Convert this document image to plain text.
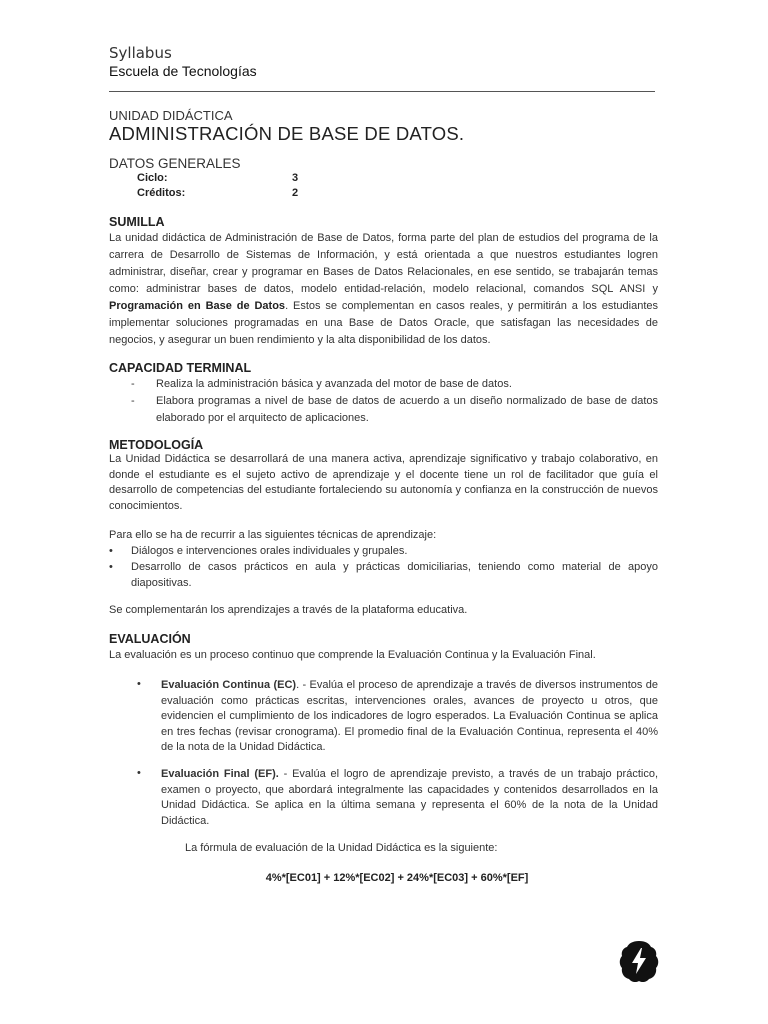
Syllabus
Escuela de Tecnologías
UNIDAD DIDÁCTICA
ADMINISTRACIÓN DE BASE DE DATOS.
DATOS GENERALES
Ciclo:	3
Créditos:	2
SUMILLA

La unidad didáctica de Administración de Base de Datos, forma parte del plan de estudios del programa de la carrera de Desarrollo de Sistemas de Información, y está orientada a que nuestros estudiantes logren administrar, diseñar, crear y programar en Bases de Datos Relacionales, en ese sentido, se trabajarán temas como: administrar bases de datos, modelo entidad-relación, modelo relacional, comandos SQL ANSI y Programación en Base de Datos. Estos se complementan en casos reales, y permitirán a los estudiantes implementar soluciones programadas en una Base de Datos Oracle, que satisfagan las necesidades de negocios, y asegurar un buen rendimiento y la alta disponibilidad de los datos.

CAPACIDAD TERMINAL
- Realiza la administración básica y avanzada del motor de base de datos.
- Elabora programas a nivel de base de datos de acuerdo a un diseño normalizado de base de datos elaborado por el arquitecto de aplicaciones.
METODOLOGÍA

La Unidad Didáctica se desarrollará de una manera activa, aprendizaje significativo y trabajo colaborativo, en donde el estudiante es el sujeto activo de aprendizaje y el docente tiene un rol de facilitador que guía el desarrollo de competencias del estudiante fortaleciendo su autonomía y confianza en la construcción de nuevos conocimientos.

Para ello se ha de recurrir a las siguientes técnicas de aprendizaje:

• Diálogos e intervenciones orales individuales y grupales.
• Desarrollo de casos prácticos en aula y prácticas domiciliarias, teniendo como material de apoyo diapositivas.

Se complementarán los aprendizajes a través de la plataforma educativa.

EVALUACIÓN

La evaluación es un proceso continuo que comprende la Evaluación Continua y la Evaluación Final.

• Evaluación Continua (EC). - Evalúa el proceso de aprendizaje a través de diversos instrumentos de evaluación como prácticas escritas, intervenciones orales, avances de proyecto u otros, que evidencien el cumplimiento de los indicadores de logro esperados. La Evaluación Continua se aplica en tres fechas (revisar cronograma). El promedio final de la Evaluación Continua, representa el 40% de la nota de la Unidad Didáctica.

• Evaluación Final (EF). - Evalúa el logro de aprendizaje previsto, a través de un trabajo práctico, examen o proyecto, que abordará integralmente las capacidades y contenidos desarrollados en la Unidad Didáctica. Se aplica en la última semana y representa el 60% de la nota de la Unidad Didáctica.

La fórmula de evaluación de la Unidad Didáctica es la siguiente:
4%*[EC01] + 12%*[EC02] + 24%*[EC03] + 60%*[EF]
